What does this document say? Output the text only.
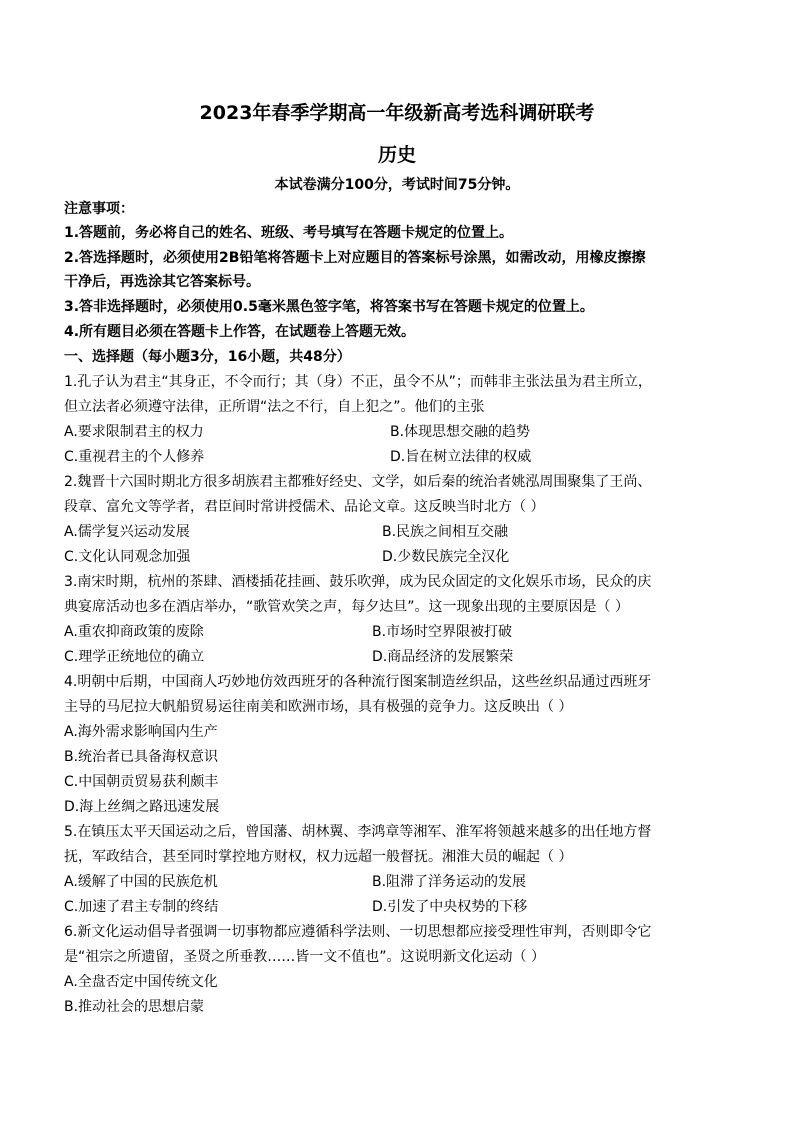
2023年春季学期高一年级新高考选科调研联考
历史
本试卷满分100分，考试时间75分钟。
注意事项：
1.答题前，务必将自己的姓名、班级、考号填写在答题卡规定的位置上。
2.答选择题时，必须使用2B铅笔将答题卡上对应题目的答案标号涂黑，如需改动，用橡皮擦擦
干净后，再选涂其它答案标号。
3.答非选择题时，必须使用0.5毫米黑色签字笔，将答案书写在答题卡规定的位置上。
4.所有题目必须在答题卡上作答，在试题卷上答题无效。
一、选择题（每小题3分，16小题，共48分）
1.孔子认为君主“其身正，不令而行；其（身）不正，虽令不从”；而韩非主张法虽为君主所立，
但立法者必须遵守法律，正所谓“法之不行，自上犯之”。他们的主张
A.要求限制君主的权力	B.体现思想交融的趋势
C.重视君主的个人修养	D.旨在树立法律的权威
2.魏晋十六国时期北方很多胡族君主都雅好经史、文学，如后秦的统治者姚泓周围聚集了王尚、
段章、富允文等学者，君臣间时常讲授儒术、品论文章。这反映当时北方（ ）
A.儒学复兴运动发展	B.民族之间相互交融
C.文化认同观念加强	D.少数民族完全汉化
3.南宋时期，杭州的茶肆、酒楼插花挂画、鼓乐吹弹，成为民众固定的文化娱乐市场，民众的庆
典宴席活动也多在酒店举办，“歌管欢笑之声，每夕达旦”。这一现象出现的主要原因是（ ）
A.重农抑商政策的废除	B.市场时空界限被打破
C.理学正统地位的确立	D.商品经济的发展繁荣
4.明朝中后期，中国商人巧妙地仿效西班牙的各种流行图案制造丝织品，这些丝织品通过西班牙
主导的马尼拉大帆船贸易运往南美和欧洲市场，具有极强的竞争力。这反映出（ ）
A.海外需求影响国内生产
B.统治者已具备海权意识
C.中国朝贡贸易获利颇丰
D.海上丝绸之路迅速发展
5.在镇压太平天国运动之后，曾国藩、胡林翼、李鸿章等湘军、淮军将领越来越多的出任地方督
抚，军政结合，甚至同时掌控地方财权，权力远超一般督抚。湘淮大员的崛起（ ）
A.缓解了中国的民族危机	B.阻滞了洋务运动的发展
C.加速了君主专制的终结	D.引发了中央权势的下移
6.新文化运动倡导者强调一切事物都应遵循科学法则、一切思想都应接受理性审判，否则即令它
是“祖宗之所遗留，圣贤之所垂教……皆一文不值也”。这说明新文化运动（ ）
A.全盘否定中国传统文化
B.推动社会的思想启蒙
